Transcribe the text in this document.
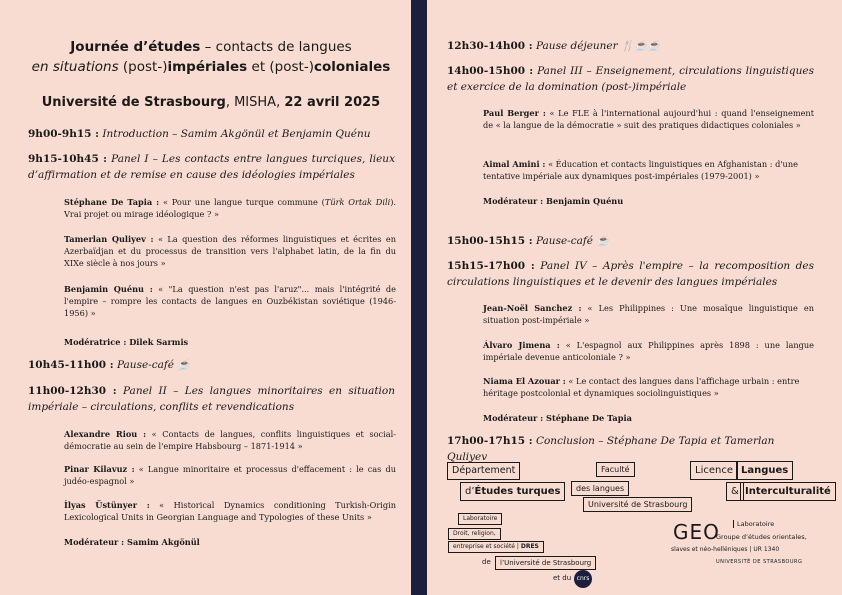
Journée d’études – contacts de langues
en situations (post-)impériales et (post-)coloniales
Université de Strasbourg, MISHA, 22 avril 2025
9h00-9h15 : Introduction – Samim Akgönül et Benjamin Quénu
9h15-10h45 : Panel I – Les contacts entre langues turciques, lieux d’affirmation et de remise en cause des idéologies impériales
Stéphane De Tapia : « Pour une langue turque commune (Türk Ortak Dili). Vrai projet ou mirage idéologique ? »
Tamerlan Quliyev : « La question des réformes linguistiques et écrites en Azerbaïdjan et du processus de transition vers l'alphabet latin, de la fin du XIXe siècle à nos jours »
Benjamin Quénu : « "La question n'est pas l'aruz"... mais l'intégrité de l'empire – rompre les contacts de langues en Ouzbékistan soviétique (1946-1956) »
Modératrice : Dilek Sarmis
10h45-11h00 : Pause-café ☕
11h00-12h30 : Panel II – Les langues minoritaires en situation impériale – circulations, conflits et revendications
Alexandre Riou : « Contacts de langues, conflits linguistiques et social-démocratie au sein de l'empire Habsbourg – 1871-1914 »
Pinar Kilavuz : « Langue minoritaire et processus d'effacement : le cas du judéo-espagnol »
İlyas Üstünyer : « Historical Dynamics conditioning Turkish-Origin Lexicological Units in Georgian Language and Typologies of these Units »
Modérateur : Samim Akgönül
12h30-14h00 : Pause déjeuner 🍴☕☕
14h00-15h00 : Panel III – Enseignement, circulations linguistiques et exercice de la domination (post-)impériale
Paul Berger : « Le FLE à l'international aujourd'hui : quand l'enseignement de « la langue de la démocratie » suit des pratiques didactiques coloniales »
Aimal Amini : « Éducation et contacts linguistiques en Afghanistan : d'une tentative impériale aux dynamiques post-impériales (1979-2001) »
Modérateur : Benjamin Quénu
15h00-15h15 : Pause-café ☕
15h15-17h00 : Panel IV – Après l'empire – la recomposition des circulations linguistiques et le devenir des langues impériales
Jean-Noël Sanchez : « Les Philippines : Une mosaïque linguistique en situation post-impériale »
Álvaro Jimena : « L'espagnol aux Philippines après 1898 : une langue impériale devenue anticoloniale ? »
Niama El Azouar : « Le contact des langues dans l'affichage urbain : entre héritage postcolonial et dynamiques sociolinguistiques »
Modérateur : Stéphane De Tapia
17h00-17h15 : Conclusion – Stéphane De Tapia et Tamerlan Quliyev
Département
d’Études turques
Faculté
des langues
Université de Strasbourg
Licence Langues
& Interculturalité
Laboratoire
Droit, religion,
entreprise et société | DRES
de	l’Université de Strasbourg
et du cnrs
GEO	Laboratoire
Groupe d’études orientales,
slaves et néo-helléniques | UR 1340
UNIVERSITÉ DE STRASBOURG
